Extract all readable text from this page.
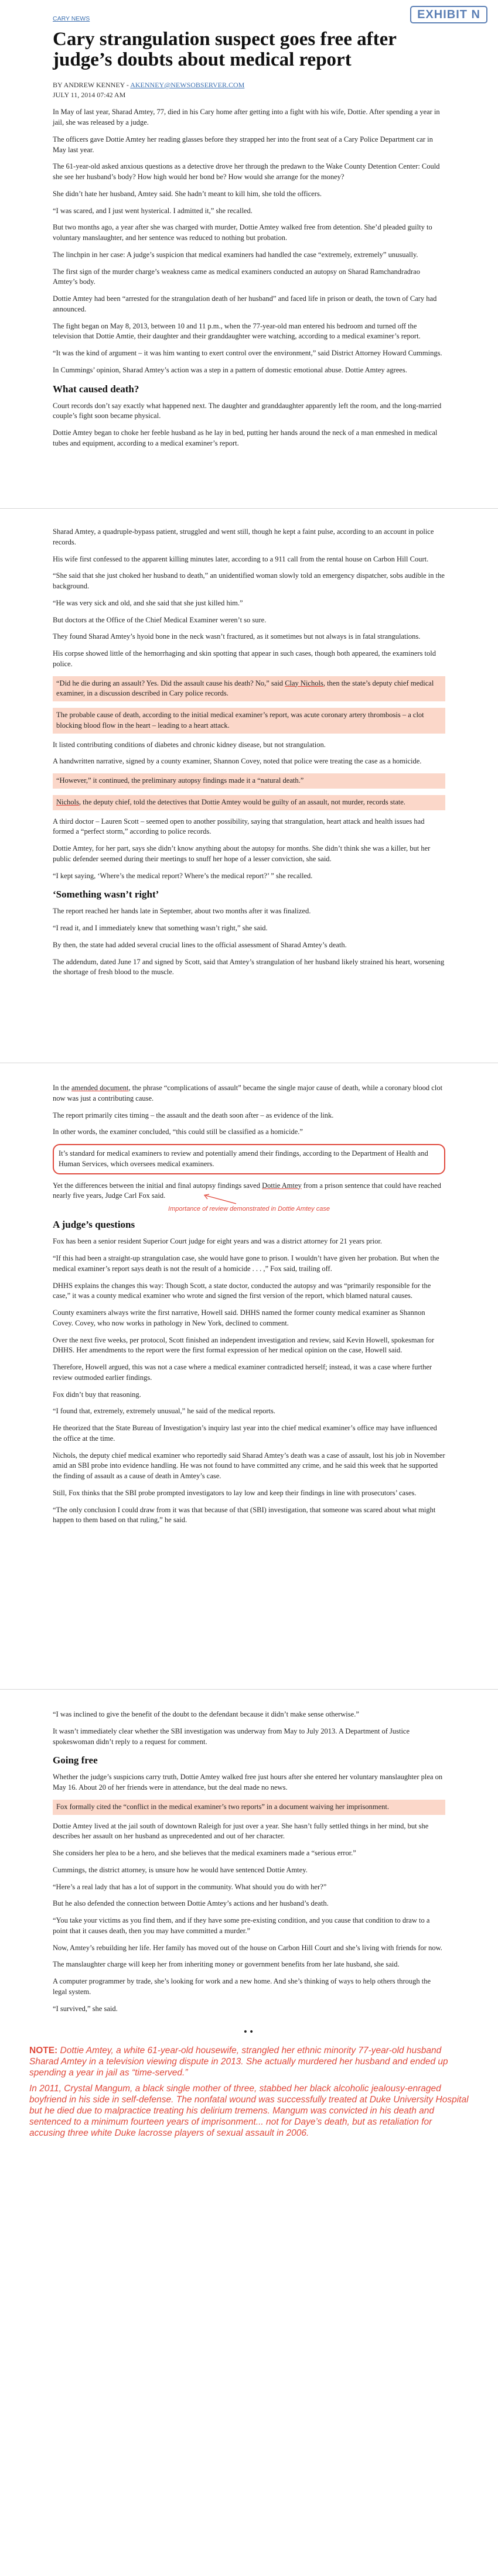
EXHIBIT N
CARY NEWS
Cary strangulation suspect goes free after judge’s doubts about medical report
BY ANDREW KENNEY - AKENNEY@NEWSOBSERVER.COM
JULY 11, 2014 07:42 AM

In May of last year, Sharad Amtey, 77, died in his Cary home after getting into a fight with his wife, Dottie. After spending a year in jail, she was released by a judge.

The officers gave Dottie Amtey her reading glasses before they strapped her into the front seat of a Cary Police Department car in May last year.

The 61-year-old asked anxious questions as a detective drove her through the predawn to the Wake County Detention Center: Could she see her husband’s body? How high would her bond be? How would she arrange for the money?

She didn’t hate her husband, Amtey said. She hadn’t meant to kill him, she told the officers.

“I was scared, and I just went hysterical. I admitted it,” she recalled.

But two months ago, a year after she was charged with murder, Dottie Amtey walked free from detention. She’d pleaded guilty to voluntary manslaughter, and her sentence was reduced to nothing but probation.

The linchpin in her case: A judge’s suspicion that medical examiners had handled the case “extremely, extremely” unusually.

The first sign of the murder charge’s weakness came as medical examiners conducted an autopsy on Sharad Ramchandradrao Amtey’s body.

Dottie Amtey had been “arrested for the strangulation death of her husband” and faced life in prison or death, the town of Cary had announced.

The fight began on May 8, 2013, between 10 and 11 p.m., when the 77-year-old man entered his bedroom and turned off the television that Dottie Amtie, their daughter and their granddaughter were watching, according to a medical examiner’s report.

“It was the kind of argument – it was him wanting to exert control over the environment,” said District Attorney Howard Cummings.

In Cummings’ opinion, Sharad Amtey’s action was a step in a pattern of domestic emotional abuse. Dottie Amtey agrees.

What caused death?

Court records don’t say exactly what happened next. The daughter and granddaughter apparently left the room, and the long-married couple’s fight soon became physical.

Dottie Amtey began to choke her feeble husband as he lay in bed, putting her hands around the neck of a man enmeshed in medical tubes and equipment, according to a medical examiner’s report.

Sharad Amtey, a quadruple-bypass patient, struggled and went still, though he kept a faint pulse, according to an account in police records.

His wife first confessed to the apparent killing minutes later, according to a 911 call from the rental house on Carbon Hill Court.

“She said that she just choked her husband to death,” an unidentified woman slowly told an emergency dispatcher, sobs audible in the background.

“He was very sick and old, and she said that she just killed him.”

But doctors at the Office of the Chief Medical Examiner weren’t so sure.

They found Sharad Amtey’s hyoid bone in the neck wasn’t fractured, as it sometimes but not always is in fatal strangulations.

His corpse showed little of the hemorrhaging and skin spotting that appear in such cases, though both appeared, the examiners told police.

“Did he die during an assault? Yes. Did the assault cause his death? No,” said Clay Nichols, then the state’s deputy chief medical examiner, in a discussion described in Cary police records.

The probable cause of death, according to the initial medical examiner’s report, was acute coronary artery thrombosis – a clot blocking blood flow in the heart – leading to a heart attack.

It listed contributing conditions of diabetes and chronic kidney disease, but not strangulation.

A handwritten narrative, signed by a county examiner, Shannon Covey, noted that police were treating the case as a homicide.

“However,” it continued, the preliminary autopsy findings made it a “natural death.”

Nichols, the deputy chief, told the detectives that Dottie Amtey would be guilty of an assault, not murder, records state.

A third doctor – Lauren Scott – seemed open to another possibility, saying that strangulation, heart attack and health issues had formed a “perfect storm,” according to police records.

Dottie Amtey, for her part, says she didn’t know anything about the autopsy for months. She didn’t think she was a killer, but her public defender seemed during their meetings to snuff her hope of a lesser conviction, she said.

“I kept saying, ‘Where’s the medical report? Where’s the medical report?’ ” she recalled.

‘Something wasn’t right’

The report reached her hands late in September, about two months after it was finalized.

“I read it, and I immediately knew that something wasn’t right,” she said.

By then, the state had added several crucial lines to the official assessment of Sharad Amtey’s death.

The addendum, dated June 17 and signed by Scott, said that Amtey’s strangulation of her husband likely strained his heart, worsening the shortage of fresh blood to the muscle.

In the amended document, the phrase “complications of assault” became the single major cause of death, while a coronary blood clot now was just a contributing cause.

The report primarily cites timing – the assault and the death soon after – as evidence of the link.

In other words, the examiner concluded, “this could still be classified as a homicide.”

It’s standard for medical examiners to review and potentially amend their findings, according to the Department of Health and Human Services, which oversees medical examiners.

Yet the differences between the initial and final autopsy findings saved Dottie Amtey from a prison sentence that could have reached nearly five years, Judge Carl Fox said.

Importance of review demonstrated in Dottie Amtey case
A judge’s questions

Fox has been a senior resident Superior Court judge for eight years and was a district attorney for 21 years prior.

“If this had been a straight-up strangulation case, she would have gone to prison. I wouldn’t have given her probation. But when the medical examiner’s report says death is not the result of a homicide . . . ,” Fox said, trailing off.

DHHS explains the changes this way: Though Scott, a state doctor, conducted the autopsy and was “primarily responsible for the case,” it was a county medical examiner who wrote and signed the first version of the report, which blamed natural causes.

County examiners always write the first narrative, Howell said. DHHS named the former county medical examiner as Shannon Covey. Covey, who now works in pathology in New York, declined to comment.

Over the next five weeks, per protocol, Scott finished an independent investigation and review, said Kevin Howell, spokesman for DHHS. Her amendments to the report were the first formal expression of her medical opinion on the case, Howell said.

Therefore, Howell argued, this was not a case where a medical examiner contradicted herself; instead, it was a case where further review outmoded earlier findings.

Fox didn’t buy that reasoning.

“I found that, extremely, extremely unusual,” he said of the medical reports.

He theorized that the State Bureau of Investigation’s inquiry last year into the chief medical examiner’s office may have influenced the office at the time.

Nichols, the deputy chief medical examiner who reportedly said Sharad Amtey’s death was a case of assault, lost his job in November amid an SBI probe into evidence handling. He was not found to have committed any crime, and he said this week that he supported the finding of assault as a cause of death in Amtey’s case.

Still, Fox thinks that the SBI probe prompted investigators to lay low and keep their findings in line with prosecutors’ cases.

“The only conclusion I could draw from it was that because of that (SBI) investigation, that someone was scared about what might happen to them based on that ruling,” he said.

“I was inclined to give the benefit of the doubt to the defendant because it didn’t make sense otherwise.”

It wasn’t immediately clear whether the SBI investigation was underway from May to July 2013. A Department of Justice spokeswoman didn’t reply to a request for comment.

Going free

Whether the judge’s suspicions carry truth, Dottie Amtey walked free just hours after she entered her voluntary manslaughter plea on May 16. About 20 of her friends were in attendance, but the deal made no news.

Fox formally cited the “conflict in the medical examiner’s two reports” in a document waiving her imprisonment.

Dottie Amtey lived at the jail south of downtown Raleigh for just over a year. She hasn’t fully settled things in her mind, but she describes her assault on her husband as unprecedented and out of her character.

She considers her plea to be a hero, and she believes that the medical examiners made a “serious error.”

Cummings, the district attorney, is unsure how he would have sentenced Dottie Amtey.

“Here’s a real lady that has a lot of support in the community. What should you do with her?”

But he also defended the connection between Dottie Amtey’s actions and her husband’s death.

“You take your victims as you find them, and if they have some pre-existing condition, and you cause that condition to draw to a point that it causes death, then you may have committed a murder.”

Now, Amtey’s rebuilding her life. Her family has moved out of the house on Carbon Hill Court and she’s living with friends for now.

The manslaughter charge will keep her from inheriting money or government benefits from her late husband, she said.

A computer programmer by trade, she’s looking for work and a new home. And she’s thinking of ways to help others through the legal system.

“I survived,” she said.

••

NOTE: Dottie Amtey, a white 61-year-old housewife, strangled her ethnic minority 77-year-old husband Sharad Amtey in a television viewing dispute in 2013. She actually murdered her husband and ended up spending a year in jail as “time-served.”

In 2011, Crystal Mangum, a black single mother of three, stabbed her black alcoholic jealousy-enraged boyfriend in his side in self-defense. The nonfatal wound was successfully treated at Duke University Hospital but he died due to malpractice treating his delirium tremens. Mangum was convicted in his death and sentenced to a minimum fourteen years of imprisonment... not for Daye’s death, but as retaliation for accusing three white Duke lacrosse players of sexual assault in 2006.
